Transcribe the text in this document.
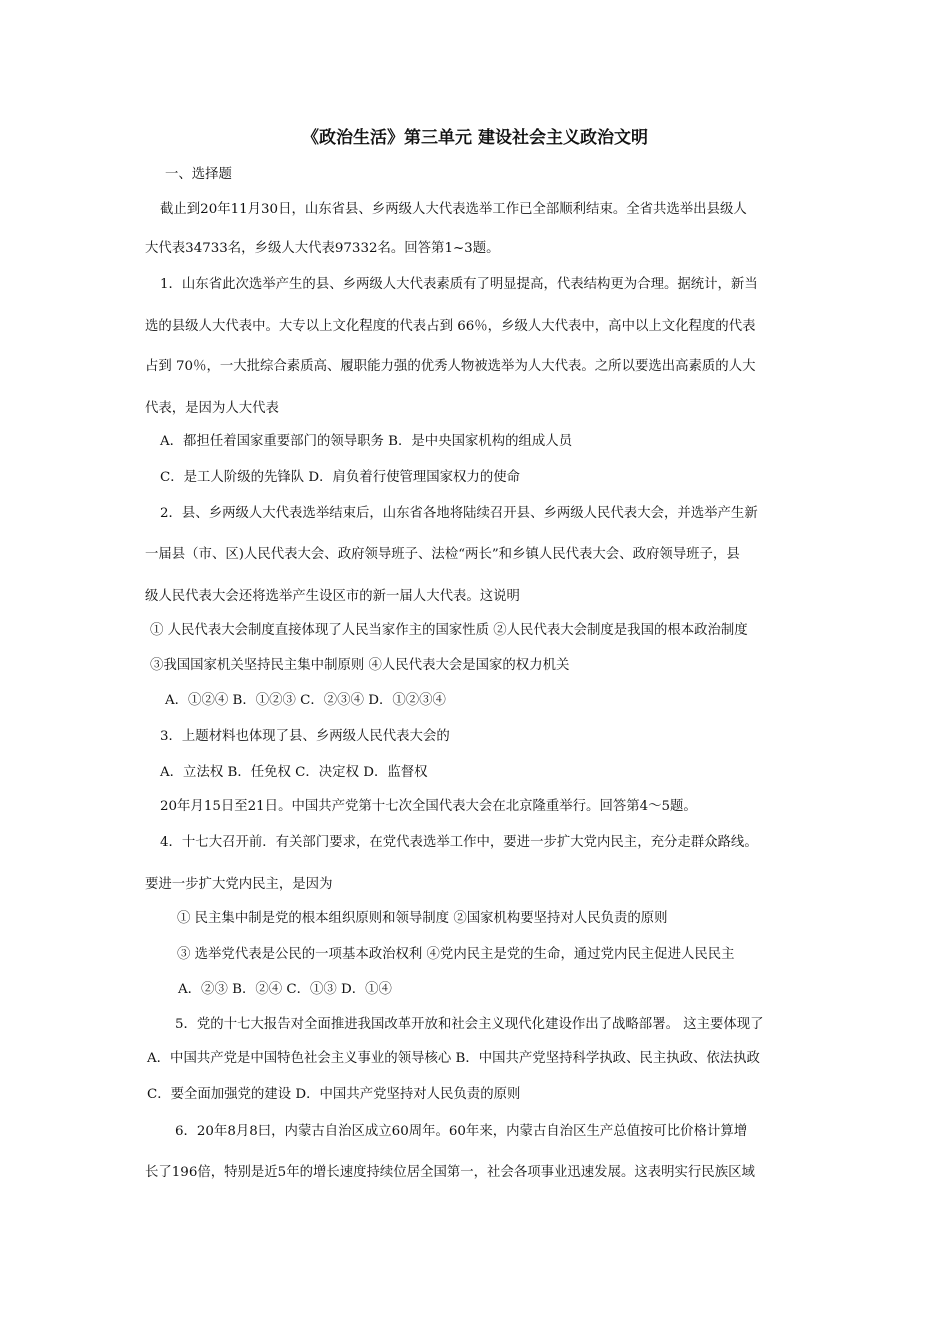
《政治生活》第三单元 建设社会主义政治文明
一、选择题
截止到20年11月30日，山东省县、乡两级人大代表选举工作已全部顺利结束。全省共选举出县级人
大代表34733名，乡级人大代表97332名。回答第1~3题。
1．山东省此次选举产生的县、乡两级人大代表素质有了明显提高，代表结构更为合理。据统计，新当
选的县级人大代表中。大专以上文化程度的代表占到 66％，乡级人大代表中，高中以上文化程度的代表
占到 70％，一大批综合素质高、履职能力强的优秀人物被选举为人大代表。之所以要选出高素质的人大
代表，是因为人大代表
A．都担任着国家重要部门的领导职务 B．是中央国家机构的组成人员
C．是工人阶级的先锋队 D．肩负着行使管理国家权力的使命
2．县、乡两级人大代表选举结束后，山东省各地将陆续召开县、乡两级人民代表大会，并选举产生新
一届县（市、区)人民代表大会、政府领导班子、法检“两长”和乡镇人民代表大会、政府领导班子，县
级人民代表大会还将选举产生设区市的新一届人大代表。这说明
① 人民代表大会制度直接体现了人民当家作主的国家性质 ②人民代表大会制度是我国的根本政治制度
③我国国家机关坚持民主集中制原则 ④人民代表大会是国家的权力机关
A．①②④ B．①②③ C．②③④ D．①②③④
3．上题材料也体现了县、乡两级人民代表大会的
A．立法权 B．任免权 C．决定权 D．监督权
20年月15日至21日。中国共产党第十七次全国代表大会在北京隆重举行。回答第4～5题。
4．十七大召开前．有关部门要求，在党代表选举工作中，要进一步扩大党内民主，充分走群众路线。
要进一步扩大党内民主，是因为
① 民主集中制是党的根本组织原则和领导制度 ②国家机构要坚持对人民负责的原则
③ 选举党代表是公民的一项基本政治权利 ④党内民主是党的生命，通过党内民主促进人民民主
A．②③ B．②④ C．①③ D．①④
5．党的十七大报告对全面推进我国改革开放和社会主义现代化建设作出了战略部署。 这主要体现了
A．中国共产党是中国特色社会主义事业的领导核心 B．中国共产党坚持科学执政、民主执政、依法执政
C．要全面加强党的建设 D．中国共产党坚持对人民负责的原则
6．20年8月8曰，内蒙古自治区成立60周年。60年来，内蒙古自治区生产总值按可比价格计算增
长了196倍，特别是近5年的增长速度持续位居全国第一，社会各项事业迅速发展。这表明实行民族区域
